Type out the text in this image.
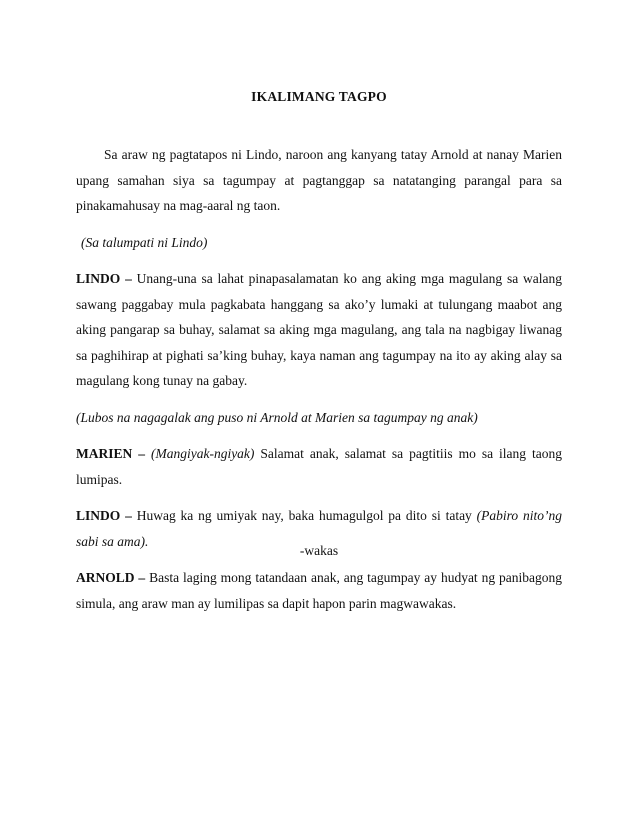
IKALIMANG TAGPO

Sa araw ng pagtatapos ni Lindo, naroon ang kanyang tatay Arnold at nanay Marien upang samahan siya sa tagumpay at pagtanggap sa natatanging parangal para sa pinakamahusay na mag-aaral ng taon.

(Sa talumpati ni Lindo)

LINDO – Unang-una sa lahat pinapasalamatan ko ang aking mga magulang sa walang sawang paggabay mula pagkabata hanggang sa ako’y lumaki at tulungang maabot ang aking pangarap sa buhay, salamat sa aking mga magulang, ang tala na nagbigay liwanag sa paghihirap at pighati sa’king buhay, kaya naman ang tagumpay na ito ay aking alay sa magulang kong tunay na gabay.

(Lubos na nagagalak ang puso ni Arnold at Marien sa tagumpay ng anak)

MARIEN – (Mangiyak-ngiyak) Salamat anak, salamat sa pagtitiis mo sa ilang taong lumipas.

LINDO – Huwag ka ng umiyak nay, baka humagulgol pa dito si tatay (Pabiro nito’ng sabi sa ama).

ARNOLD – Basta laging mong tatandaan anak, ang tagumpay ay hudyat ng panibagong simula, ang araw man ay lumilipas sa dapit hapon parin magwawakas.

-wakas
